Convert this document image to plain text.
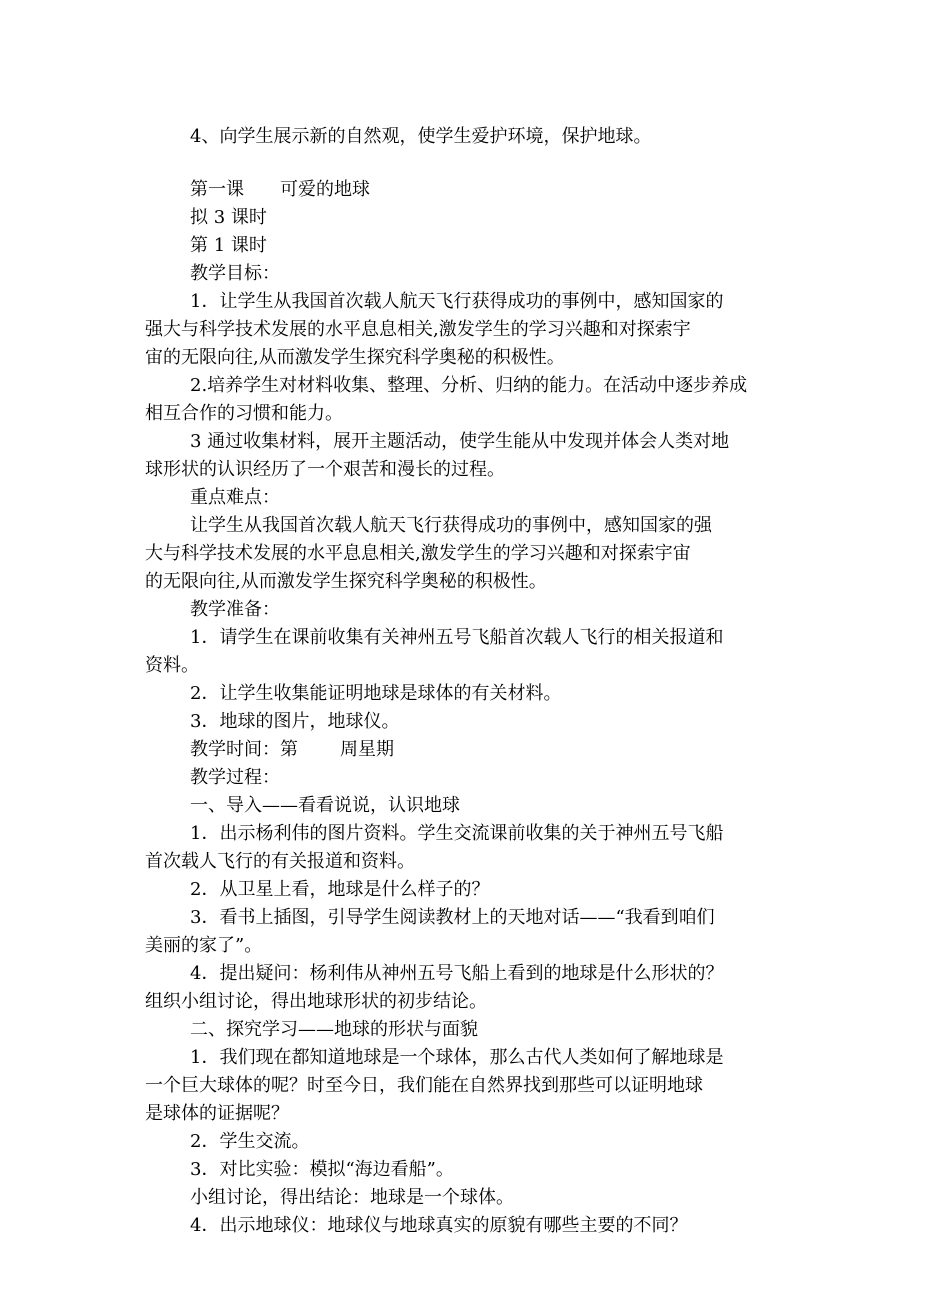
4、向学生展示新的自然观，使学生爱护环境，保护地球。
第一课 可爱的地球
拟 3 课时
第 1 课时
教学目标：
1．让学生从我国首次载人航天飞行获得成功的事例中，感知国家的
强大与科学技术发展的水平息息相关,激发学生的学习兴趣和对探索宇
宙的无限向往,从而激发学生探究科学奥秘的积极性。
2.培养学生对材料收集、整理、分析、归纳的能力。在活动中逐步养成
相互合作的习惯和能力。
3 通过收集材料，展开主题活动，使学生能从中发现并体会人类对地
球形状的认识经历了一个艰苦和漫长的过程。
重点难点：
让学生从我国首次载人航天飞行获得成功的事例中，感知国家的强
大与科学技术发展的水平息息相关,激发学生的学习兴趣和对探索宇宙
的无限向往,从而激发学生探究科学奥秘的积极性。
教学准备：
1．请学生在课前收集有关神州五号飞船首次载人飞行的相关报道和
资料。
2．让学生收集能证明地球是球体的有关材料。
3．地球的图片，地球仪。
教学时间：第 周星期
教学过程：
一、导入——看看说说，认识地球
1．出示杨利伟的图片资料。学生交流课前收集的关于神州五号飞船
首次载人飞行的有关报道和资料。
2．从卫星上看，地球是什么样子的？
3．看书上插图，引导学生阅读教材上的天地对话——“我看到咱们
美丽的家了”。
4．提出疑问：杨利伟从神州五号飞船上看到的地球是什么形状的？
组织小组讨论，得出地球形状的初步结论。
二、探究学习——地球的形状与面貌
1．我们现在都知道地球是一个球体，那么古代人类如何了解地球是
一个巨大球体的呢？时至今日，我们能在自然界找到那些可以证明地球
是球体的证据呢？
2．学生交流。
3．对比实验：模拟“海边看船”。
小组讨论，得出结论：地球是一个球体。
4．出示地球仪：地球仪与地球真实的原貌有哪些主要的不同？
